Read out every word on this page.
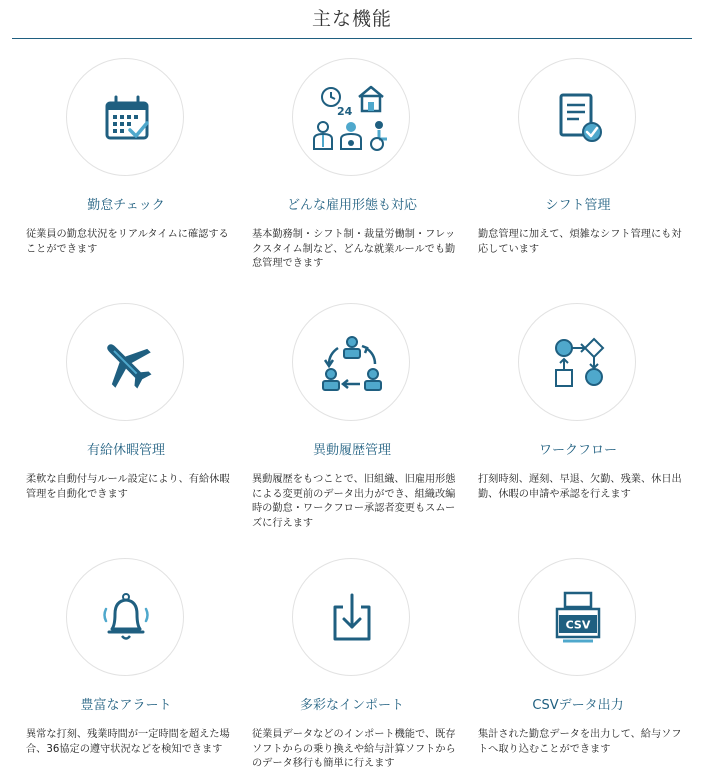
主な機能
勤怠チェック
従業員の勤怠状況をリアルタイムに確認することができます
24
どんな雇用形態も対応
基本勤務制・シフト制・裁量労働制・フレックスタイム制など、どんな就業ルールでも勤怠管理できます
シフト管理
勤怠管理に加えて、煩雑なシフト管理にも対応しています
有給休暇管理
柔軟な自動付与ルール設定により、有給休暇管理を自動化できます
異動履歴管理
異動履歴をもつことで、旧組織、旧雇用形態による変更前のデータ出力ができ、組織改編時の勤怠・ワークフロー承認者変更もスムーズに行えます
ワークフロー
打刻時刻、遅刻、早退、欠勤、残業、休日出勤、休暇の申請や承認を行えます
豊富なアラート
異常な打刻、残業時間が一定時間を超えた場合、36協定の遵守状況などを検知できます
多彩なインポート
従業員データなどのインポート機能で、既存ソフトからの乗り換えや給与計算ソフトからのデータ移行も簡単に行えます
CSV
CSVデータ出力
集計された勤怠データを出力して、給与ソフトへ取り込むことができます
